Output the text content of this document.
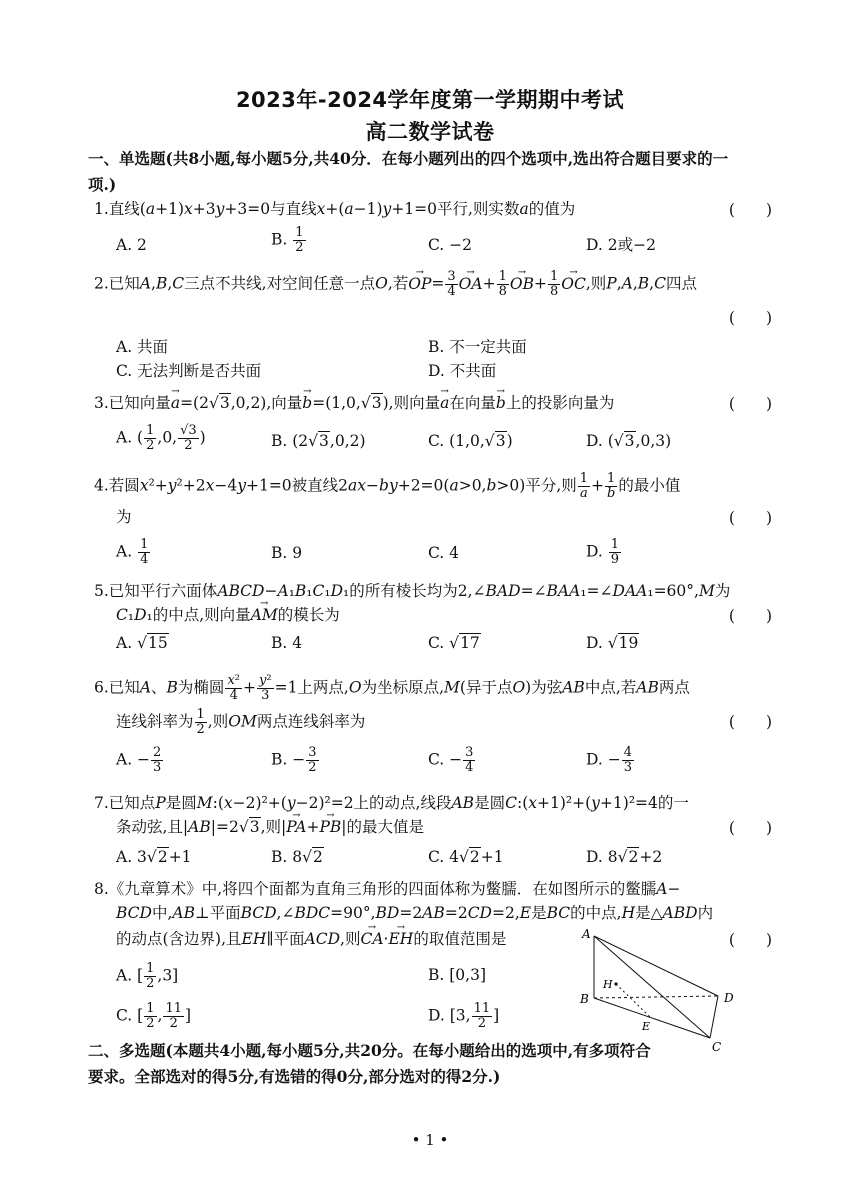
2023年-2024学年度第一学期期中考试
高二数学试卷
一、单选题(共8小题,每小题5分,共40分．在每小题列出的四个选项中,选出符合题目要求的一
项.)
1.直线(a+1)x+3y+3=0与直线x+(a−1)y+1=0平行,则实数a的值为	(　　)
A. 2	B. $\frac{1}{2}$	C. −2	D. 2或−2
2.已知A,B,C三点不共线,对空间任意一点O,若→ $OP= \frac{3}{4}$
→ $OA+ \frac{1}{8}$
→ $OB+ \frac{1}{8}$
→ OC,则P,A,B,C四点
(　　)
A. 共面	B. 不一定共面
C. 无法判断是否共面	D. 不共面
3.已知向量→ a=(2√3,0,2),向量→ b=(1,0,√3),则向量→ a在向量→ b上的投影向量为	(　　)
A. ( $\frac{1}{2} ,0$, $\frac{√3}{2}$ )	B. (2√3,0,2)	C. (1,0,√3)	D. (√3,0,3)
4.若圆x²+y²+2x−4y+1=0被直线2ax−by+2=0(a>0,b>0)平分,则 $\frac{1}{a} + \frac{1}{b}$ 的最小值
为	(　　)
A. $\frac{1}{4}$	B. 9	C. 4	D. $\frac{1}{9}$
5.已知平行六面体ABCD−A₁B₁C₁D₁的所有棱长均为2,∠BAD=∠BAA₁=∠DAA₁=60°,M为
C₁D₁的中点,则向量→ AM的模长为	(　　)
A. √15	B. 4	C. √17	D. √19
6.已知A、B为椭圆 $\frac{\text{x²}}{4} + \frac{\text{y²}}{3} =1$上两点,O为坐标原点,M(异于点O)为弦AB中点,若AB两点
连线斜率为 $\frac{1}{2}$ ,则OM两点连线斜率为	(　　)
A. − $\frac{2}{3}$	B. − $\frac{3}{2}$	C. − $\frac{3}{4}$	D. − $\frac{4}{3}$
7.已知点P是圆M:(x−2)²+(y−2)²=2上的动点,线段AB是圆C:(x+1)²+(y+1)²=4的一
条动弦,且|AB|=2√3,则|→ PA+→ PB|的最大值是	(　　)
A. 3√2+1	B. 8√2	C. 4√2+1	D. 8√2+2
8.《九章算术》中,将四个面都为直角三角形的四面体称为鳖臑．在如图所示的鳖臑A−
BCD中,AB⊥平面BCD,∠BDC=90°,BD=2AB=2CD=2,E是BC的中点,H是△ABD内
的动点(含边界),且EH∥平面ACD,则→ CA·→ EH的取值范围是	(　　)
A. [ $\frac{1}{2} ,3$]	B. [0,3]
C. [ $\frac{1}{2}$ , $\frac{11}{2}$ ]	D. [3, $\frac{11}{2}$ ]
A
B
C
D
E
H
二、多选题(本题共4小题,每小题5分,共20分。在每小题给出的选项中,有多项符合
要求。全部选对的得5分,有选错的得0分,部分选对的得2分.)
• 1 •
